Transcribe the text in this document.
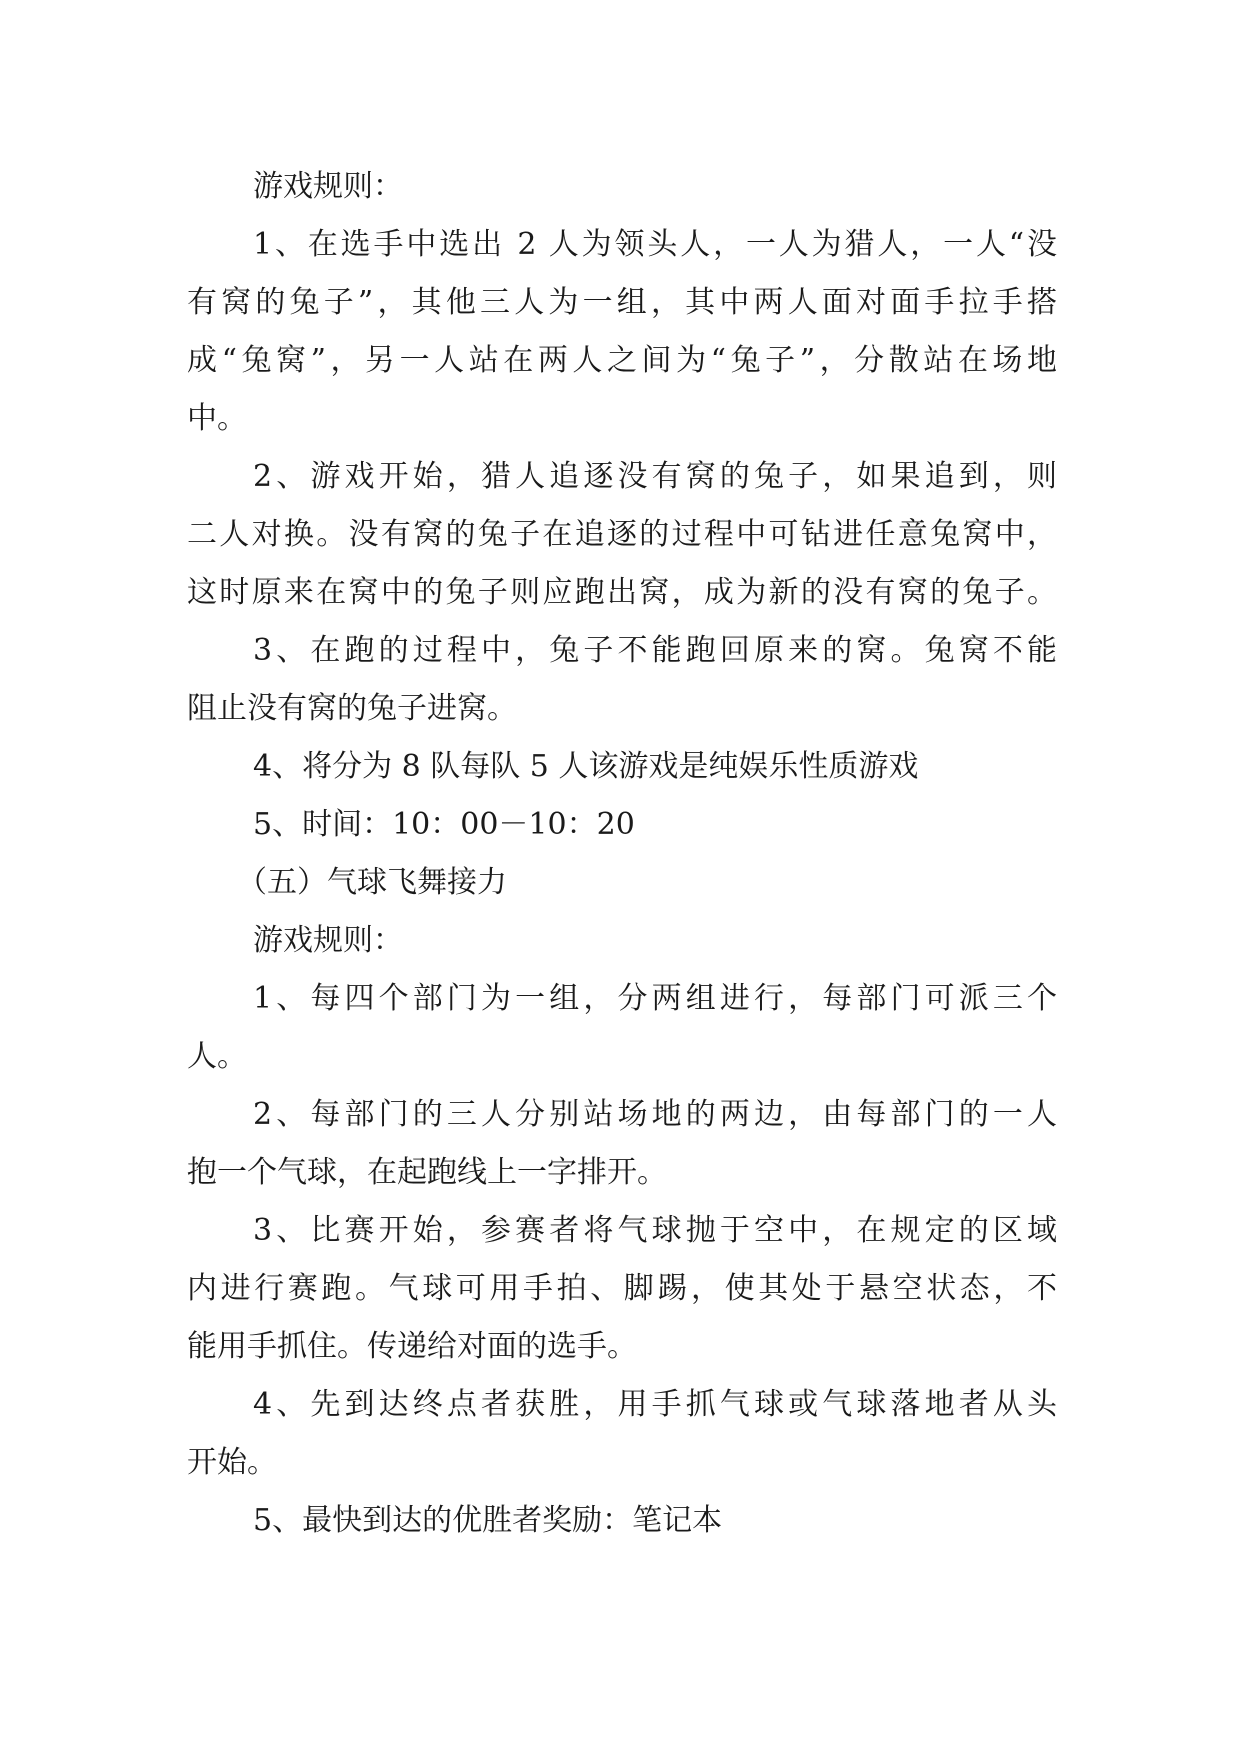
游戏规则：
1、在选手中选出 2 人为领头人，一人为猎人，一人“没
有窝的兔子”，其他三人为一组，其中两人面对面手拉手搭
成“兔窝”，另一人站在两人之间为“兔子”，分散站在场地
中。
2、游戏开始，猎人追逐没有窝的兔子，如果追到，则
二人对换。没有窝的兔子在追逐的过程中可钻进任意兔窝中，
这时原来在窝中的兔子则应跑出窝，成为新的没有窝的兔子。
3、在跑的过程中，兔子不能跑回原来的窝。兔窝不能
阻止没有窝的兔子进窝。
4、将分为 8 队每队 5 人该游戏是纯娱乐性质游戏
5、时间：10：00－10：20
（五）气球飞舞接力
游戏规则：
1、每四个部门为一组，分两组进行，每部门可派三个
人。
2、每部门的三人分别站场地的两边，由每部门的一人
抱一个气球，在起跑线上一字排开。
3、比赛开始，参赛者将气球抛于空中，在规定的区域
内进行赛跑。气球可用手拍、脚踢，使其处于悬空状态，不
能用手抓住。传递给对面的选手。
4、先到达终点者获胜，用手抓气球或气球落地者从头
开始。
5、最快到达的优胜者奖励：笔记本
